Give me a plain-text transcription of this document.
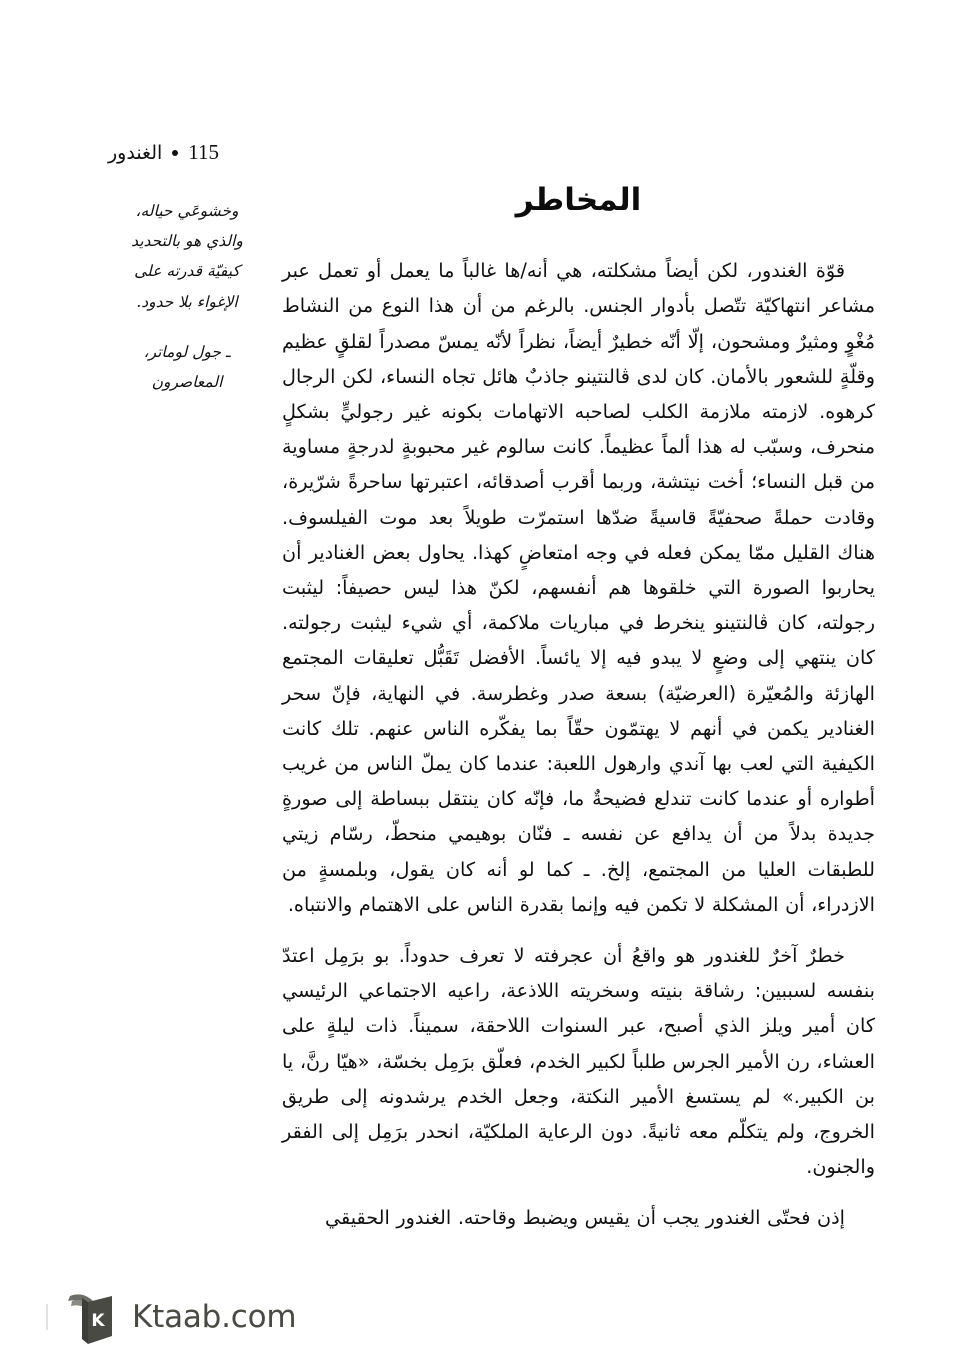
115الغندور
وخشوعَي حياله،
والذي هو بالتحديد
كيفيّة قدرته على
الإغواء بلا حدود.
ـ جول لوماتر،
المعاصرون
المخاطر

قوّة الغندور، لكن أيضاً مشكلته، هي أنه/ها غالباً ما يعمل أو تعمل عبر مشاعر انتهاكيّة تتّصل بأدوار الجنس. بالرغم من أن هذا النوع من النشاط مُغْوٍ ومثيرٌ ومشحون، إلّا أنّه خطيرٌ أيضاً، نظراً لأنّه يمسّ مصدراً لقلقٍ عظيم وقلّةٍ للشعور بالأمان. كان لدى ڤالنتينو جاذبٌ هائل تجاه النساء، لكن الرجال كرهوه. لازمته ملازمة الكلب لصاحبه الاتهامات بكونه غير رجوليٍّ بشكلٍ منحرف، وسبّب له هذا ألماً عظيماً. كانت سالوم غير محبوبةٍ لدرجةٍ مساوية من قبل النساء؛ أخت نيتشة، وربما أقرب أصدقائه، اعتبرتها ساحرةً شرّيرة، وقادت حملةً صحفيّةً قاسيةً ضدّها استمرّت طويلاً بعد موت الفيلسوف. هناك القليل ممّا يمكن فعله في وجه امتعاضٍ كهذا. يحاول بعض الغنادير أن يحاربوا الصورة التي خلقوها هم أنفسهم، لكنّ هذا ليس حصيفاً: ليثبت رجولته، كان ڤالنتينو ينخرط في مباريات ملاكمة، أي شيء ليثبت رجولته. كان ينتهي إلى وضعٍ لا يبدو فيه إلا يائساً. الأفضل تَقَبُّل تعليقات المجتمع الهازئة والمُعيّرة (العرضيّة) بسعة صدر وغطرسة. في النهاية، فإنّ سحر الغنادير يكمن في أنهم لا يهتمّون حقّاً بما يفكّره الناس عنهم. تلك كانت الكيفية التي لعب بها آندي وارهول اللعبة: عندما كان يملّ الناس من غريب أطواره أو عندما كانت تندلع فضيحةٌ ما، فإنّه كان ينتقل ببساطة إلى صورةٍ جديدة بدلاً من أن يدافع عن نفسه ـ فنّان بوهيمي منحطّ، رسّام زيتي للطبقات العليا من المجتمع، إلخ. ـ كما لو أنه كان يقول، وبلمسةٍ من الازدراء، أن المشكلة لا تكمن فيه وإنما بقدرة الناس على الاهتمام والانتباه.

خطرٌ آخرٌ للغندور هو واقعُ أن عجرفته لا تعرف حدوداً. بو برَمِل اعتدّ بنفسه لسببين: رشاقة بنيته وسخريته اللاذعة، راعيه الاجتماعي الرئيسي كان أمير ويلز الذي أصبح، عبر السنوات اللاحقة، سميناً. ذات ليلةٍ على العشاء، رن الأمير الجرس طلباً لكبير الخدم، فعلّق برَمِل بخسّة، «هيّا رنَّ، يا بن الكبير.» لم يستسغ الأمير النكتة، وجعل الخدم يرشدونه إلى طريق الخروج، ولم يتكلّم معه ثانيةً. دون الرعاية الملكيّة، انحدر برَمِل إلى الفقر والجنون.

إذن فحتّى الغندور يجب أن يقيس ويضبط وقاحته. الغندور الحقيقي

K Ktaab.com
